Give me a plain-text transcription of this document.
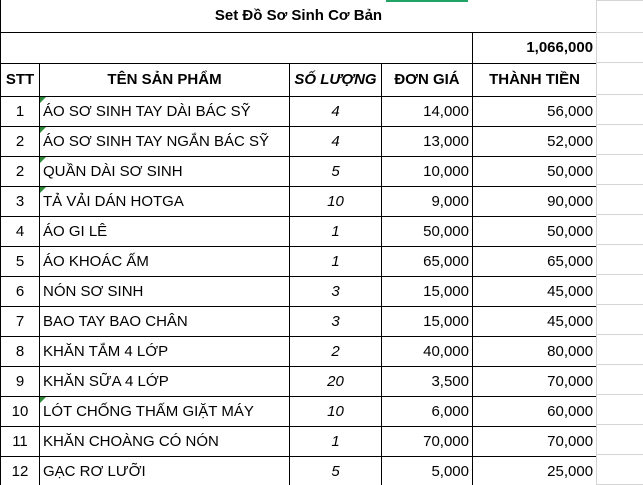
Set Đồ Sơ Sinh Cơ Bản				
				1,066,000
STT	TÊN SẢN PHẨM	SỐ LƯỢNG	ĐƠN GIÁ	THÀNH TIỀN
1	ÁO SƠ SINH TAY DÀI BÁC SỸ	4	14,000	56,000
2	ÁO SƠ SINH TAY NGẮN BÁC SỸ	4	13,000	52,000
2	QUẦN DÀI SƠ SINH	5	10,000	50,000
3	TẢ VẢI DÁN HOTGA	10	9,000	90,000
4	ÁO GI LÊ	1	50,000	50,000
5	ÁO KHOÁC ẤM	1	65,000	65,000
6	NÓN SƠ SINH	3	15,000	45,000
7	BAO TAY BAO CHÂN	3	15,000	45,000
8	KHĂN TẮM 4 LỚP	2	40,000	80,000
9	KHĂN SỮA 4 LỚP	20	3,500	70,000
10	LÓT CHỐNG THẤM GIẶT MÁY	10	6,000	60,000
11	KHĂN CHOÀNG CÓ NÓN	1	70,000	70,000
12	GẠC RƠ LƯỠI	5	5,000	25,000
